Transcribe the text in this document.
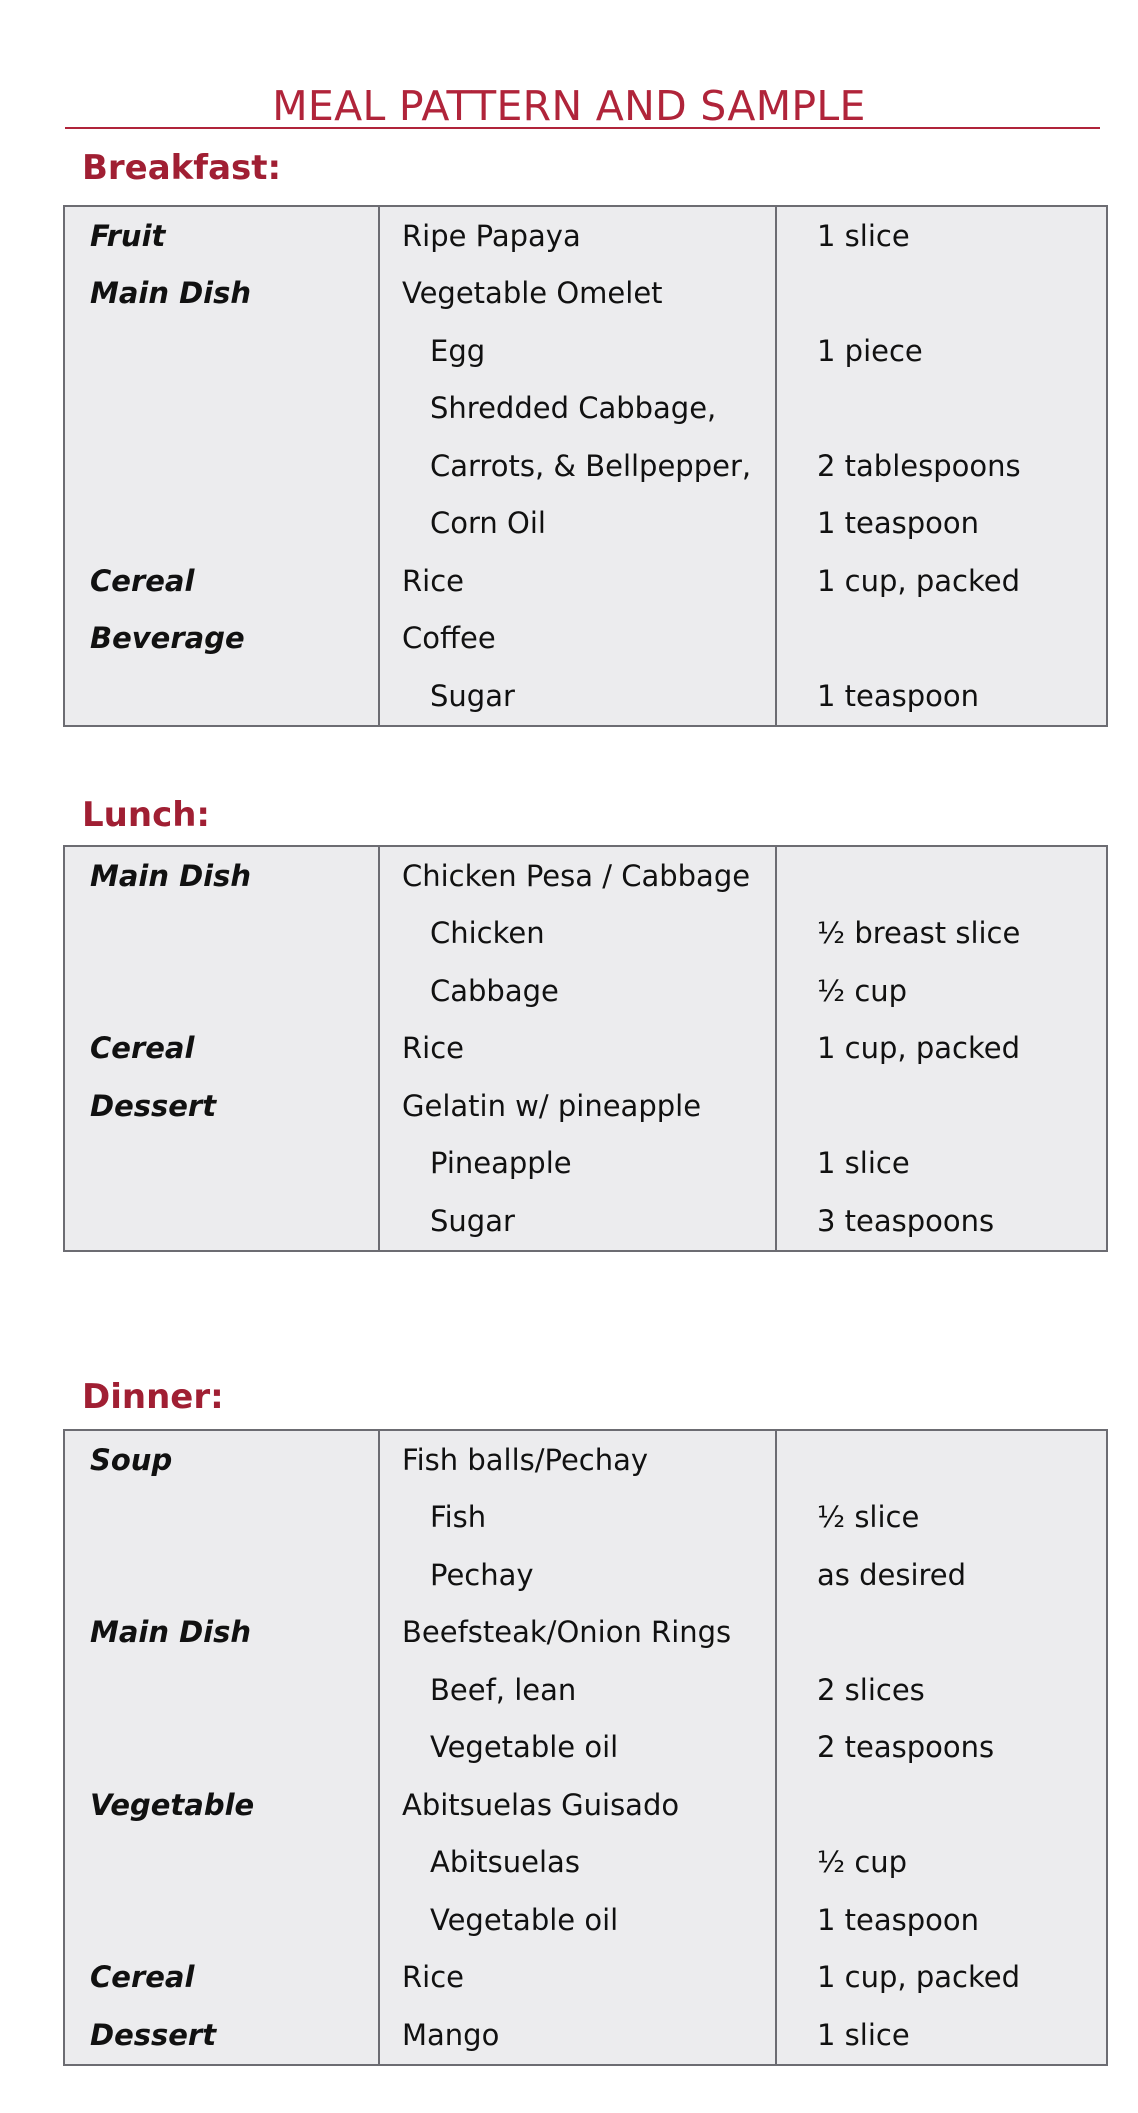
MEAL PATTERN AND SAMPLE
Breakfast:
Fruit	Ripe Papaya	1 slice
Main Dish	Vegetable Omelet	
	Egg	1 piece
	Shredded Cabbage,	
	Carrots, & Bellpepper,	2 tablespoons
	Corn Oil	1 teaspoon
Cereal	Rice	1 cup, packed
Beverage	Coffee	
	Sugar	1 teaspoon
Lunch:
Main Dish	Chicken Pesa / Cabbage	
	Chicken	½ breast slice
	Cabbage	½ cup
Cereal	Rice	1 cup, packed
Dessert	Gelatin w/ pineapple	
	Pineapple	1 slice
	Sugar	3 teaspoons
Dinner:
Soup	Fish balls/Pechay	
	Fish	½ slice
	Pechay	as desired
Main Dish	Beefsteak/Onion Rings	
	Beef, lean	2 slices
	Vegetable oil	2 teaspoons
Vegetable	Abitsuelas Guisado	
	Abitsuelas	½ cup
	Vegetable oil	1 teaspoon
Cereal	Rice	1 cup, packed
Dessert	Mango	1 slice
